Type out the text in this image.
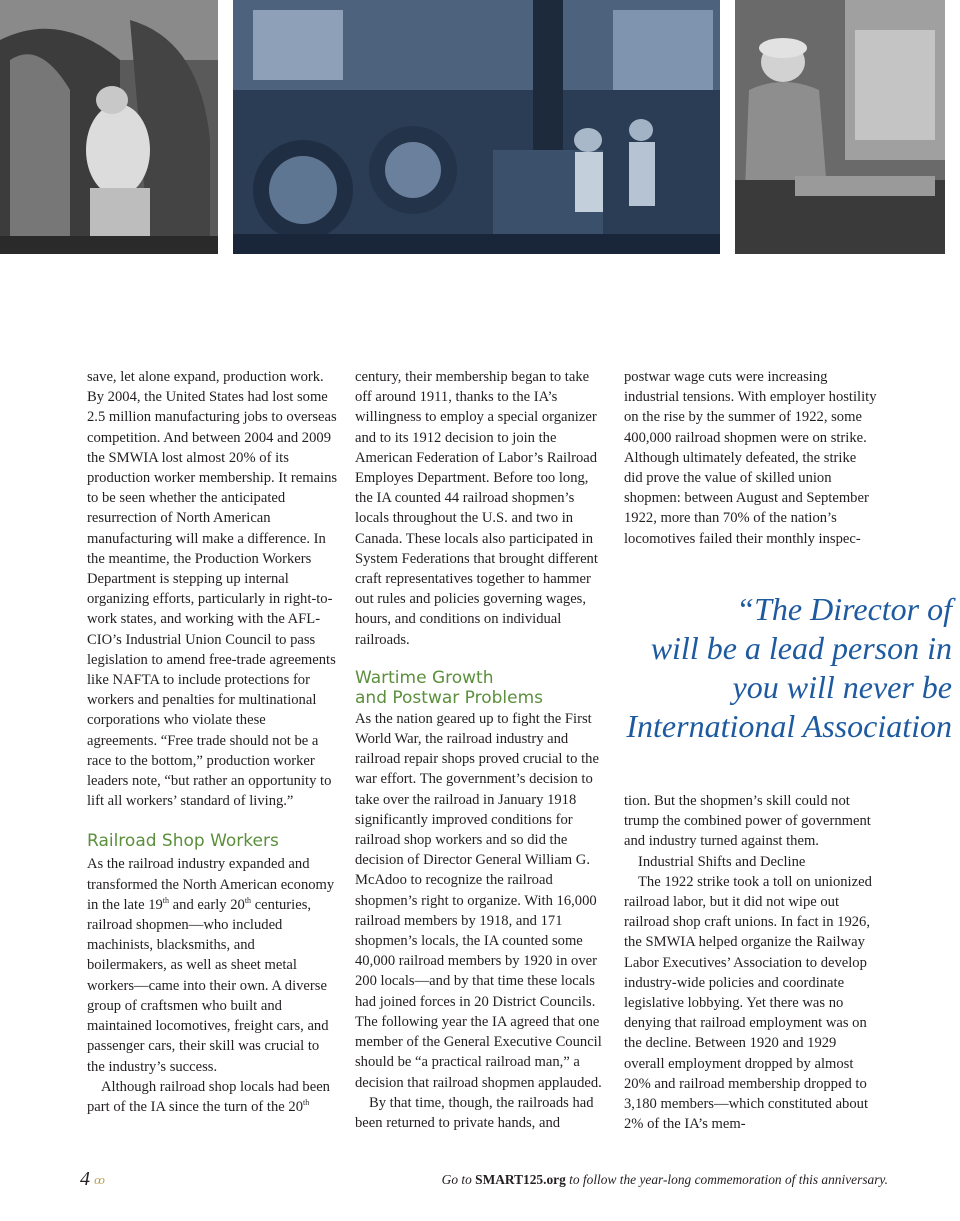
save, let alone expand, production work. By 2004, the United States had lost some 2.5 million manufacturing jobs to overseas competition. And between 2004 and 2009 the SMWIA lost almost 20% of its production worker membership. It remains to be seen whether the anticipated resurrection of North American manufacturing will make a difference. In the meantime, the Production Workers Department is stepping up internal organizing efforts, particularly in right-to-work states, and working with the AFL-CIO’s Industrial Union Council to pass legislation to amend free-trade agreements like NAFTA to include protections for workers and penalties for multinational corporations who violate these agreements. “Free trade should not be a race to the bottom,” production worker leaders note, “but rather an opportunity to lift all workers’ standard of living.”

Railroad Shop Workers

As the railroad industry expanded and transformed the North American economy in the late 19th and early 20th centuries, railroad shopmen—who included machinists, blacksmiths, and boilermakers, as well as sheet metal workers—came into their own. A diverse group of craftsmen who built and maintained locomotives, freight cars, and passenger cars, their skill was crucial to the industry’s success.

Although railroad shop locals had been part of the IA since the turn of the 20th

century, their membership began to take off around 1911, thanks to the IA’s willingness to employ a special organizer and to its 1912 decision to join the American Federation of Labor’s Railroad Employes Department. Before too long, the IA counted 44 railroad shopmen’s locals throughout the U.S. and two in Canada. These locals also participated in System Federations that brought different craft representatives together to hammer out rules and policies governing wages, hours, and conditions on individual railroads.

Wartime Growth
and Postwar Problems

As the nation geared up to fight the First World War, the railroad industry and railroad repair shops proved crucial to the war effort. The government’s decision to take over the railroad in January 1918 significantly improved conditions for railroad shop workers and so did the decision of Director General William G. McAdoo to recognize the railroad shopmen’s right to organize. With 16,000 railroad members by 1918, and 171 shopmen’s locals, the IA counted some 40,000 railroad members by 1920 in over 200 locals—and by that time these locals had joined forces in 20 District Councils. The following year the IA agreed that one member of the General Executive Council should be “a practical railroad man,” a decision that railroad shopmen applauded.

By that time, though, the railroads had been returned to private hands, and

postwar wage cuts were increasing industrial tensions. With employer hostility on the rise by the summer of 1922, some 400,000 railroad shopmen were on strike. Although ultimately defeated, the strike did prove the value of skilled union shopmen: between August and September 1922, more than 70% of the nation’s locomotives failed their monthly inspec-

“The Director of
will be a lead person in
you will never be
International Association

tion. But the shopmen’s skill could not trump the combined power of government and industry turned against them.

Industrial Shifts and Decline

The 1922 strike took a toll on unionized railroad labor, but it did not wipe out railroad shop craft unions. In fact in 1926, the SMWIA helped organize the Railway Labor Executives’ Association to develop industry-wide policies and coordinate legislative lobbying. Yet there was no denying that railroad employment was on the decline. Between 1920 and 1929 overall employment dropped by almost 20% and railroad membership dropped to 3,180 members—which constituted about 2% of the IA’s mem-

4 ꝏ	Go to SMART125.org to follow the year-long commemoration of this anniversary.
